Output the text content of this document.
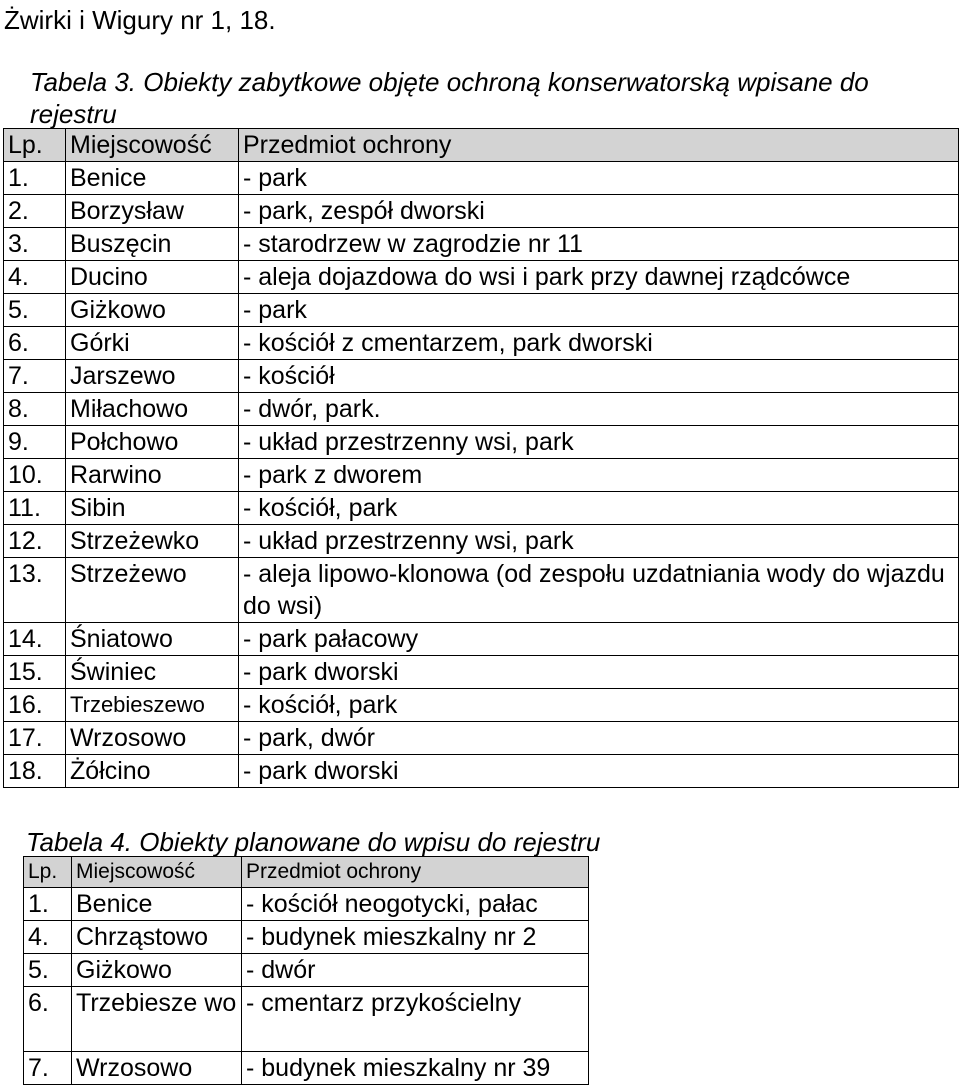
Żwirki i Wigury nr 1, 18.
Tabela 3. Obiekty zabytkowe objęte ochroną konserwatorską wpisane do rejestru
Lp.	Miejscowość	Przedmiot ochrony
1.	Benice	- park
2.	Borzysław	- park, zespół dworski
3.	Buszęcin	- starodrzew w zagrodzie nr 11
4.	Ducino	- aleja dojazdowa do wsi i park przy dawnej rządcówce
5.	Giżkowo	- park
6.	Górki	- kościół z cmentarzem, park dworski
7.	Jarszewo	- kościół
8.	Miłachowo	- dwór, park.
9.	Połchowo	- układ przestrzenny wsi, park
10.	Rarwino	- park z dworem
11.	Sibin	- kościół, park
12.	Strzeżewko	- układ przestrzenny wsi, park
13.	Strzeżewo	- aleja lipowo-klonowa (od zespołu uzdatniania wody do wjazdu do wsi)
14.	Śniatowo	- park pałacowy
15.	Świniec	- park dworski
16.	Trzebieszewo	- kościół, park
17.	Wrzosowo	- park, dwór
18.	Żółcino	- park dworski
Tabela 4. Obiekty planowane do wpisu do rejestru
Lp.	Miejscowość	Przedmiot ochrony
1.	Benice	- kościół neogotycki, pałac
4.	Chrząstowo	- budynek mieszkalny nr 2
5.	Giżkowo	- dwór
6.	Trzebiesze wo	- cmentarz przykościelny
7.	Wrzosowo	- budynek mieszkalny nr 39
